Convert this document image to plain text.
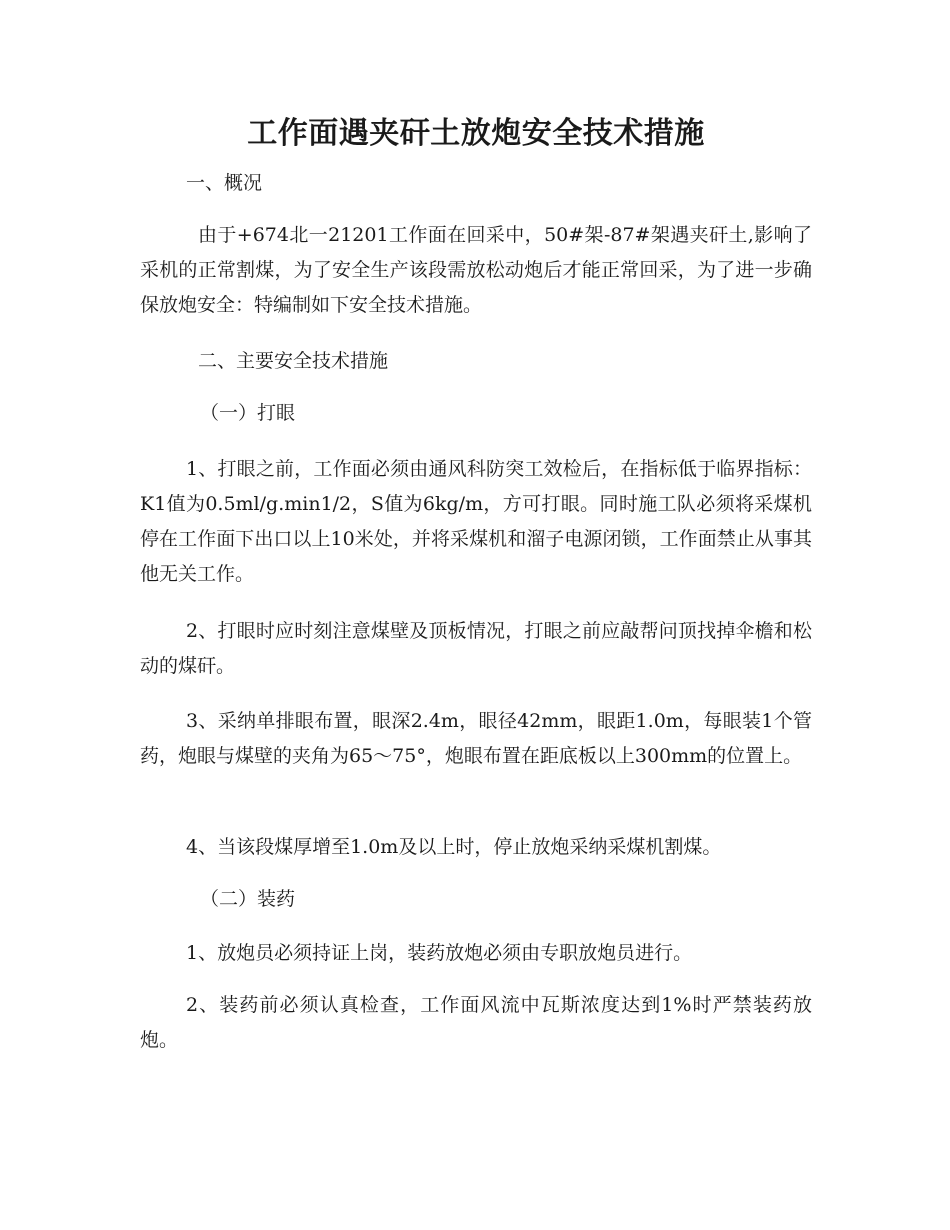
工作面遇夹矸土放炮安全技术措施

一、概况

由于+674北一21201工作面在回采中，50#架-87#架遇夹矸土,影响了采机的正常割煤，为了安全生产该段需放松动炮后才能正常回采，为了进一步确保放炮安全：特编制如下安全技术措施。

二、主要安全技术措施

（一）打眼

1、打眼之前，工作面必须由通风科防突工效检后，在指标低于临界指标：K1值为0.5ml/g.min1/2，S值为6kg/m，方可打眼。同时施工队必须将采煤机停在工作面下出口以上10米处，并将采煤机和溜子电源闭锁，工作面禁止从事其他无关工作。

2、打眼时应时刻注意煤壁及顶板情况，打眼之前应敲帮问顶找掉伞檐和松动的煤矸。

3、采纳单排眼布置，眼深2.4m，眼径42mm，眼距1.0m，每眼装1个管药，炮眼与煤壁的夹角为65～75°，炮眼布置在距底板以上300mm的位置上。

4、当该段煤厚增至1.0m及以上时，停止放炮采纳采煤机割煤。

（二）装药

1、放炮员必须持证上岗，装药放炮必须由专职放炮员进行。

2、装药前必须认真检查，工作面风流中瓦斯浓度达到1%时严禁装药放炮。
